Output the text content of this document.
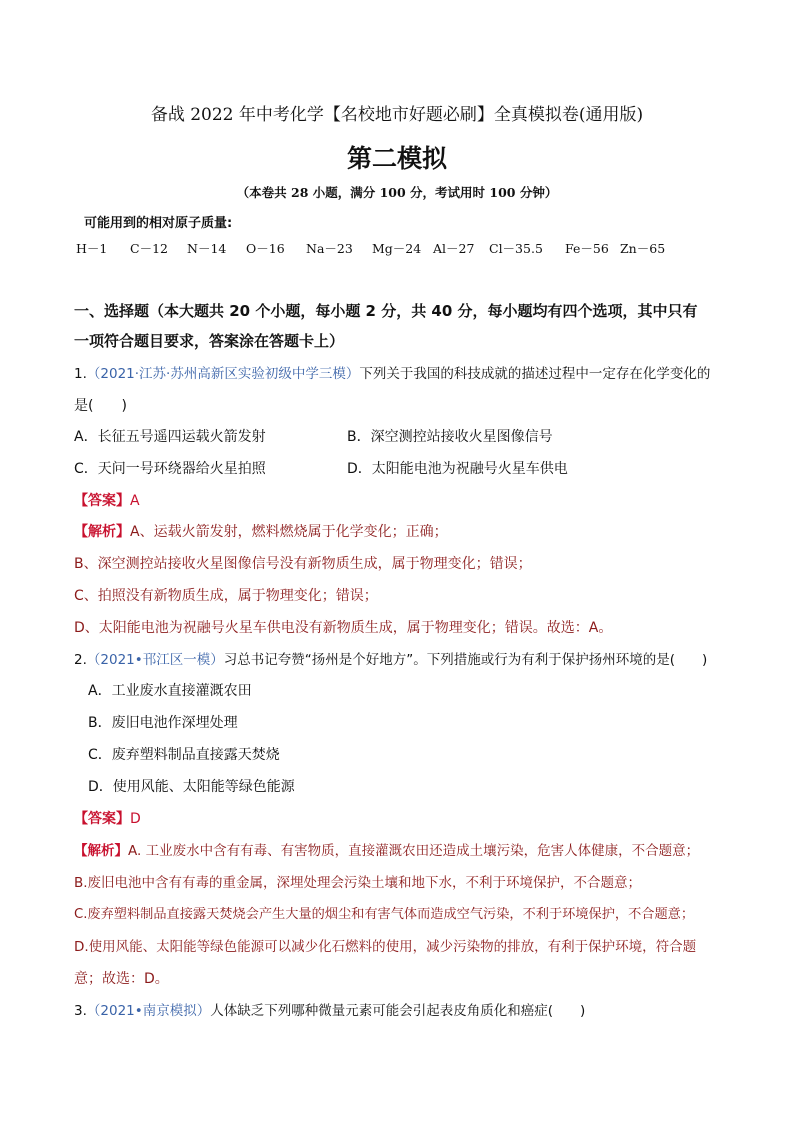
备战 2022 年中考化学【名校地市好题必刷】全真模拟卷(通用版)
第二模拟
（本卷共 28 小题，满分 100 分，考试用时 100 分钟）
可能用到的相对原子质量:
H－1 C－12 N－14 O－16 Na－23 Mg－24 Al－27 Cl－35.5 Fe－56 Zn－65
一、选择题（本大题共 20 个小题，每小题 2 分，共 40 分，每小题均有四个选项，其中只有
一项符合题目要求，答案涂在答题卡上）
1.（2021·江苏·苏州高新区实验初级中学三模）下列关于我国的科技成就的描述过程中一定存在化学变化的
是(　　)
A．长征五号遥四运载火箭发射	B．深空测控站接收火星图像信号
C．天问一号环绕器给火星拍照	D．太阳能电池为祝融号火星车供电
【答案】A
【解析】A、运载火箭发射，燃料燃烧属于化学变化；正确；
B、深空测控站接收火星图像信号没有新物质生成，属于物理变化；错误；
C、拍照没有新物质生成，属于物理变化；错误；
D、太阳能电池为祝融号火星车供电没有新物质生成，属于物理变化；错误。故选：A。
2.（2021•邗江区一模）习总书记夸赞“扬州是个好地方”。下列措施或行为有利于保护扬州环境的是(　　)
A．工业废水直接灌溉农田
B．废旧电池作深埋处理
C．废弃塑料制品直接露天焚烧
D．使用风能、太阳能等绿色能源
【答案】D
【解析】A. 工业废水中含有有毒、有害物质，直接灌溉农田还造成土壤污染，危害人体健康，不合题意；
B.废旧电池中含有有毒的重金属，深埋处理会污染土壤和地下水，不利于环境保护，不合题意；
C.废弃塑料制品直接露天焚烧会产生大量的烟尘和有害气体而造成空气污染，不利于环境保护，不合题意；
D.使用风能、太阳能等绿色能源可以减少化石燃料的使用，减少污染物的排放，有利于保护环境，符合题
意；故选：D。
3.（2021•南京模拟）人体缺乏下列哪种微量元素可能会引起表皮角质化和癌症(　　)
